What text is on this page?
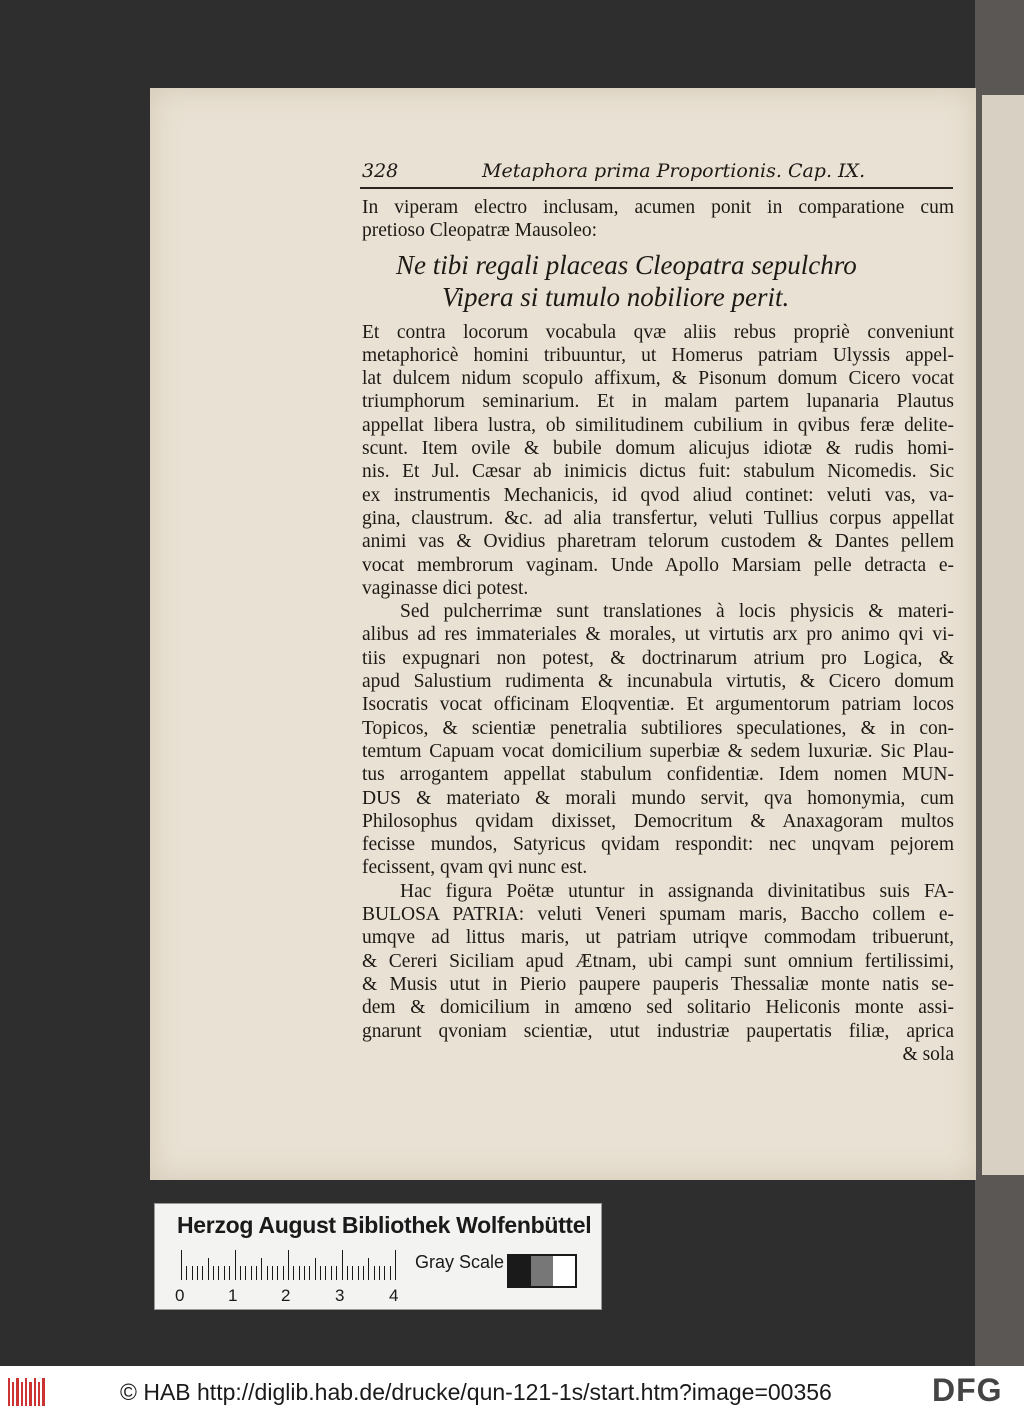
328	Metaphora prima Proportionis. Cap. IX.
In viperam electro inclusam, acumen ponit in comparatione cum
pretioso Cleopatræ Mausoleo:
Ne tibi regali placeas Cleopatra sepulchro
Vipera si tumulo nobiliore perit.
Et contra locorum vocabula qvæ aliis rebus propriè conveniunt
metaphoricè homini tribuuntur, ut Homerus patriam Ulyssis appel-
lat dulcem nidum scopulo affixum, & Pisonum domum Cicero vocat
triumphorum seminarium. Et in malam partem lupanaria Plautus
appellat libera lustra, ob similitudinem cubilium in qvibus feræ delite-
scunt. Item ovile & bubile domum alicujus idiotæ & rudis homi-
nis. Et Jul. Cæsar ab inimicis dictus fuit: stabulum Nicomedis. Sic
ex instrumentis Mechanicis, id qvod aliud continet: veluti vas, va-
gina, claustrum. &c. ad alia transfertur, veluti Tullius corpus appellat
animi vas & Ovidius pharetram telorum custodem & Dantes pellem
vocat membrorum vaginam. Unde Apollo Marsiam pelle detracta e-
vaginasse dici potest.
Sed pulcherrimæ sunt translationes à locis physicis & materi-
alibus ad res immateriales & morales, ut virtutis arx pro animo qvi vi-
tiis expugnari non potest, & doctrinarum atrium pro Logica, &
apud Salustium rudimenta & incunabula virtutis, & Cicero domum
Isocratis vocat officinam Eloqventiæ. Et argumentorum patriam locos
Topicos, & scientiæ penetralia subtiliores speculationes, & in con-
temtum Capuam vocat domicilium superbiæ & sedem luxuriæ. Sic Plau-
tus arrogantem appellat stabulum confidentiæ. Idem nomen MUN-
DUS & materiato & morali mundo servit, qva homonymia, cum
Philosophus qvidam dixisset, Democritum & Anaxagoram multos
fecisse mundos, Satyricus qvidam respondit: nec unqvam pejorem
fecissent, qvam qvi nunc est.
Hac figura Poëtæ utuntur in assignanda divinitatibus suis FA-
BULOSA PATRIA: veluti Veneri spumam maris, Baccho collem e-
umqve ad littus maris, ut patriam utriqve commodam tribuerunt,
& Cereri Siciliam apud Ætnam, ubi campi sunt omnium fertilissimi,
& Musis utut in Pierio paupere pauperis Thessaliæ monte natis se-
dem & domicilium in amœno sed solitario Heliconis monte assi-
gnarunt qvoniam scientiæ, utut industriæ paupertatis filiæ, aprica
& sola
Herzog August Bibliothek Wolfenbüttel
0	1	2	3	4
Gray Scale
© HAB http://diglib.hab.de/drucke/qun-121-1s/start.htm?image=00356	DFG
